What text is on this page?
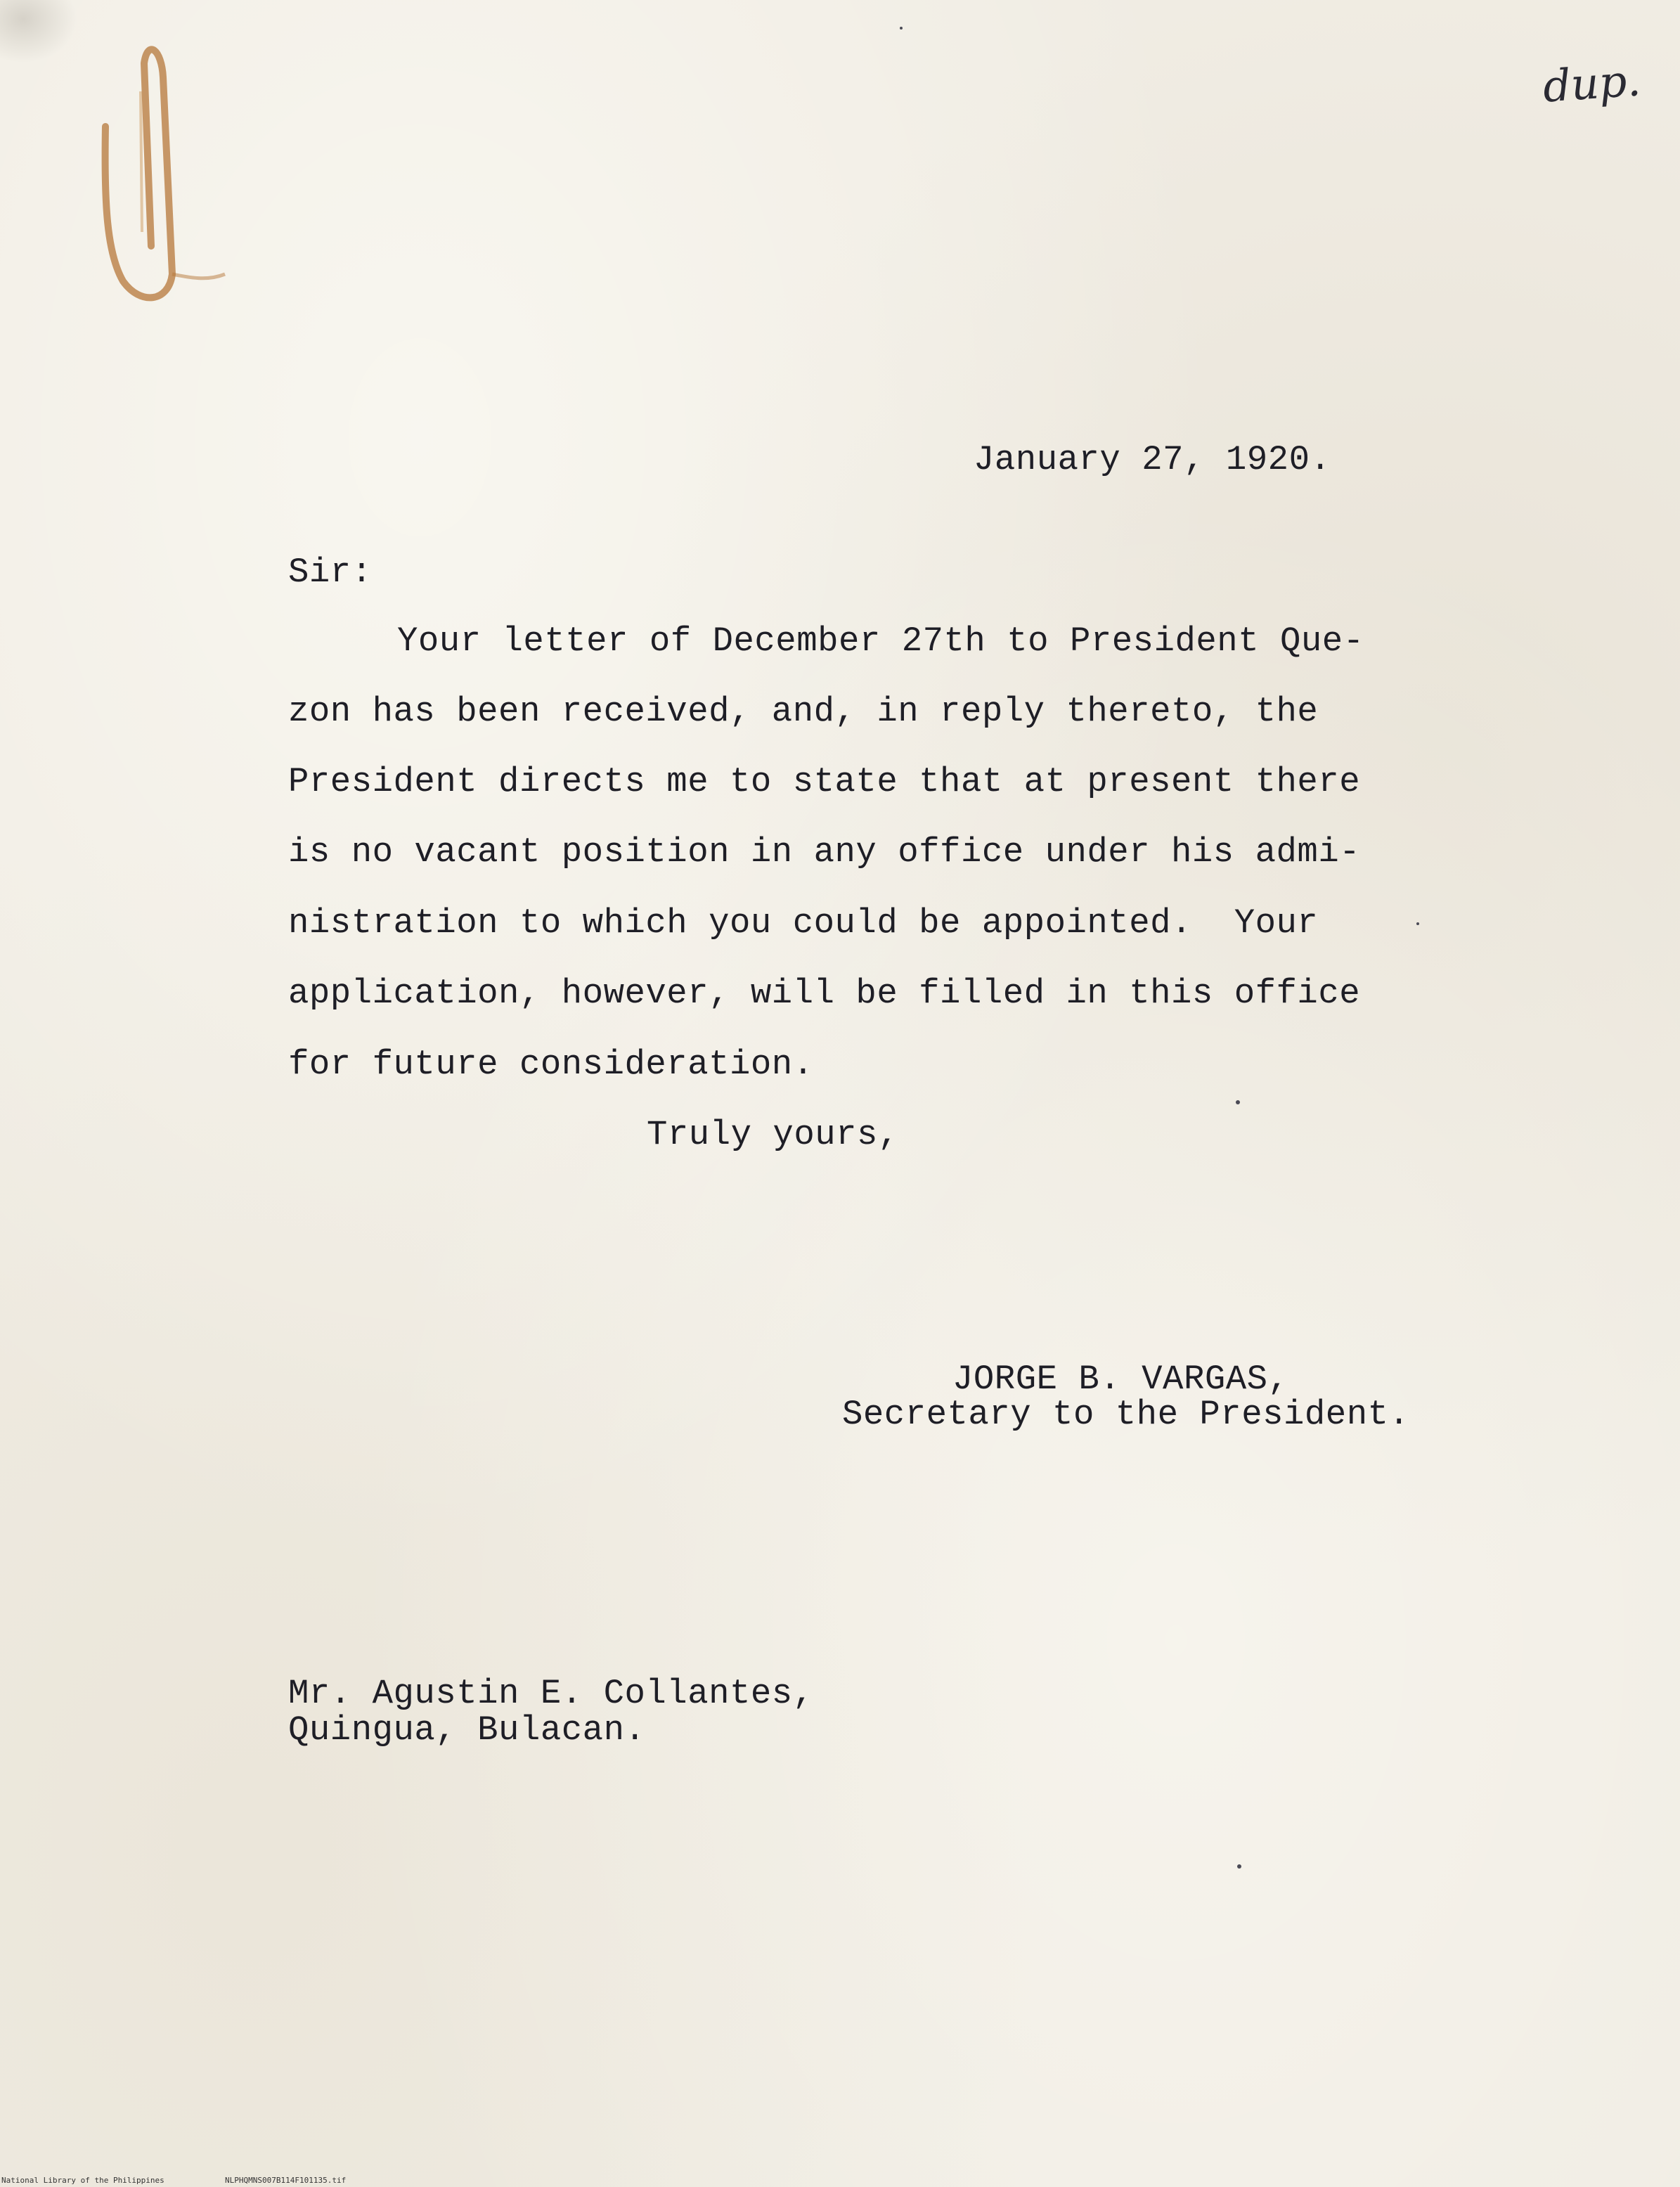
dup.
January 27, 1920.
Sir:
Your letter of December 27th to President Que-
zon has been received, and, in reply thereto, the
President directs me to state that at present there
is no vacant position in any office under his admi-
nistration to which you could be appointed.  Your
application, however, will be filled in this office
for future consideration.
Truly yours,
JORGE B. VARGAS,
Secretary to the President.
Mr. Agustin E. Collantes,
Quingua, Bulacan.
National Library of the Philippines	NLPHQMNS007B114F101135.tif
